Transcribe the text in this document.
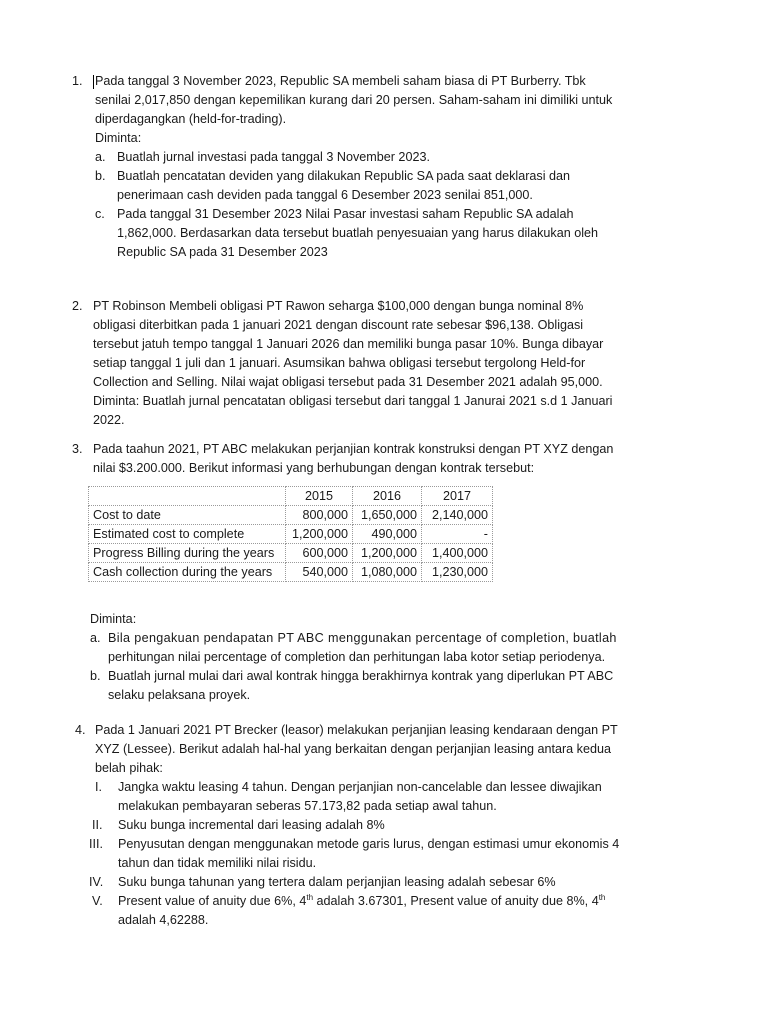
1. Pada tanggal 3 November 2023, Republic SA membeli saham biasa di PT Burberry. Tbk
senilai 2,017,850 dengan kepemilikan kurang dari 20 persen. Saham-saham ini dimiliki untuk
diperdagangkan (held-for-trading).
Diminta:
a. Buatlah jurnal investasi pada tanggal 3 November 2023.
b. Buatlah pencatatan deviden yang dilakukan Republic SA pada saat deklarasi dan
penerimaan cash deviden pada tanggal 6 Desember 2023 senilai 851,000.
c. Pada tanggal 31 Desember 2023 Nilai Pasar investasi saham Republic SA adalah
1,862,000. Berdasarkan data tersebut buatlah penyesuaian yang harus dilakukan oleh
Republic SA pada 31 Desember 2023
2. PT Robinson Membeli obligasi PT Rawon seharga $100,000 dengan bunga nominal 8%
obligasi diterbitkan pada 1 januari 2021 dengan discount rate sebesar $96,138. Obligasi
tersebut jatuh tempo tanggal 1 Januari 2026 dan memiliki bunga pasar 10%. Bunga dibayar
setiap tanggal 1 juli dan 1 januari. Asumsikan bahwa obligasi tersebut tergolong Held-for
Collection and Selling. Nilai wajat obligasi tersebut pada 31 Desember 2021 adalah 95,000.
Diminta: Buatlah jurnal pencatatan obligasi tersebut dari tanggal 1 Janurai 2021 s.d 1 Januari
2022.
3. Pada taahun 2021, PT ABC melakukan perjanjian kontrak konstruksi dengan PT XYZ dengan
nilai $3.200.000. Berikut informasi yang berhubungan dengan kontrak tersebut:
	2015	2016	2017
Cost to date	800,000	1,650,000	2,140,000
Estimated cost to complete	1,200,000	490,000	-
Progress Billing during the years	600,000	1,200,000	1,400,000
Cash collection during the years	540,000	1,080,000	1,230,000
Diminta:
a. Bila pengakuan pendapatan PT ABC menggunakan percentage of completion, buatlah
perhitungan nilai percentage of completion dan perhitungan laba kotor setiap periodenya.
b. Buatlah jurnal mulai dari awal kontrak hingga berakhirnya kontrak yang diperlukan PT ABC
selaku pelaksana proyek.
4. Pada 1 Januari 2021 PT Brecker (leasor) melakukan perjanjian leasing kendaraan dengan PT
XYZ (Lessee). Berikut adalah hal-hal yang berkaitan dengan perjanjian leasing antara kedua
belah pihak:
I. Jangka waktu leasing 4 tahun. Dengan perjanjian non-cancelable dan lessee diwajikan
melakukan pembayaran seberas 57.173,82 pada setiap awal tahun.
II. Suku bunga incremental dari leasing adalah 8%
III. Penyusutan dengan menggunakan metode garis lurus, dengan estimasi umur ekonomis 4
tahun dan tidak memiliki nilai risidu.
IV. Suku bunga tahunan yang tertera dalam perjanjian leasing adalah sebesar 6%
V. Present value of anuity due 6%, 4th adalah 3.67301, Present value of anuity due 8%, 4th
adalah 4,62288.
